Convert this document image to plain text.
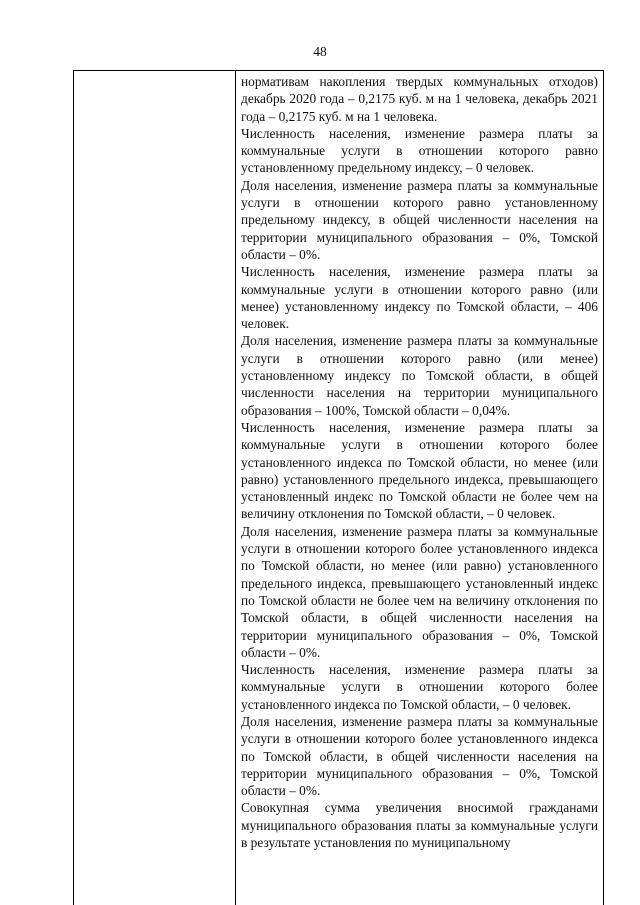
48

нормативам накопления твердых коммунальных отходов) декабрь 2020 года – 0,2175 куб. м на 1 человека, декабрь 2021 года – 0,2175 куб. м на 1 человека.

Численность населения, изменение размера платы за коммунальные услуги в отношении которого равно установленному предельному индексу, – 0 человек.

Доля населения, изменение размера платы за коммунальные услуги в отношении которого равно установленному предельному индексу, в общей численности населения на территории муниципального образования – 0%, Томской области – 0%.

Численность населения, изменение размера платы за коммунальные услуги в отношении которого равно (или менее) установленному индексу по Томской области, – 406 человек.

Доля населения, изменение размера платы за коммунальные услуги в отношении которого равно (или менее) установленному индексу по Томской области, в общей численности населения на территории муниципального образования – 100%, Томской области – 0,04%.

Численность населения, изменение размера платы за коммунальные услуги в отношении которого более установленного индекса по Томской области, но менее (или равно) установленного предельного индекса, превышающего установленный индекс по Томской области не более чем на величину отклонения по Томской области, – 0 человек.

Доля населения, изменение размера платы за коммунальные услуги в отношении которого более установленного индекса по Томской области, но менее (или равно) установленного предельного индекса, превышающего установленный индекс по Томской области не более чем на величину отклонения по Томской области, в общей численности населения на территории муниципального образования – 0%, Томской области – 0%.

Численность населения, изменение размера платы за коммунальные услуги в отношении которого более установленного индекса по Томской области, – 0 человек.

Доля населения, изменение размера платы за коммунальные услуги в отношении которого более установленного индекса по Томской области, в общей численности населения на территории муниципального образования – 0%, Томской области – 0%.

Совокупная сумма увеличения вносимой гражданами муниципального образования платы за коммунальные услуги в результате установления по муниципальному
